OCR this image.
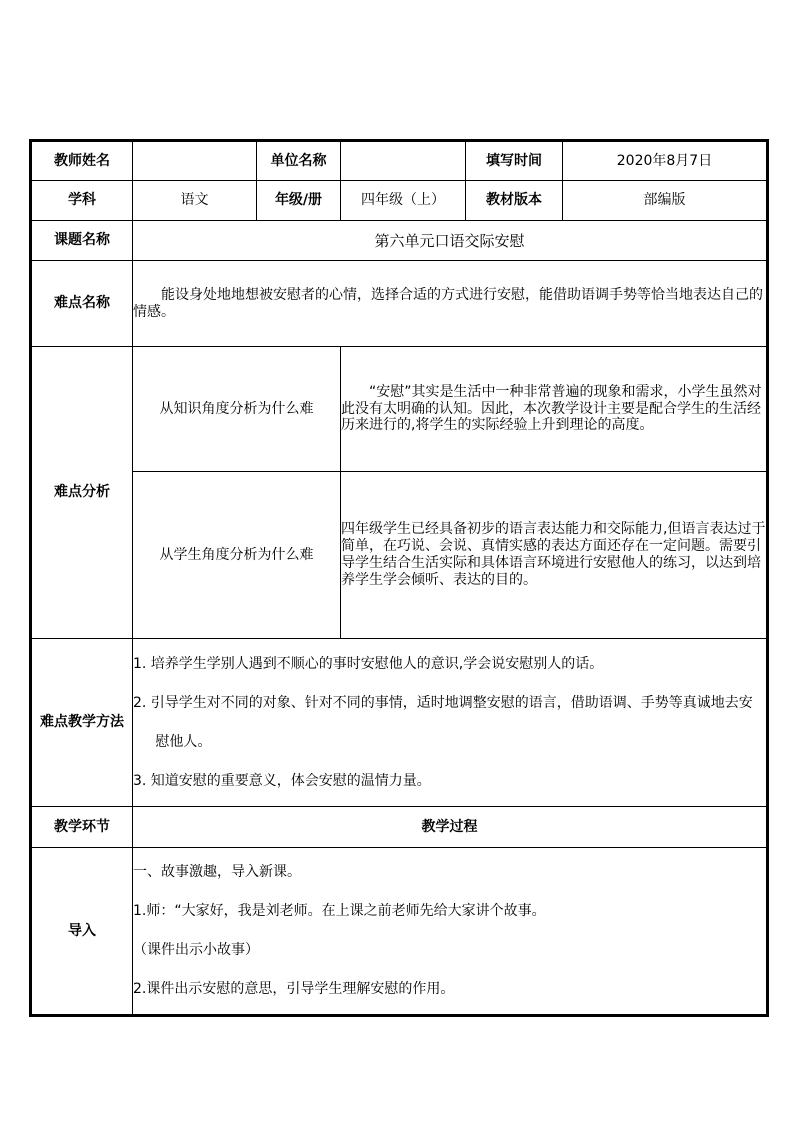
教师姓名		单位名称		填写时间	2020年8月7日
学科	语文	年级/册	四年级（上）	教材版本	部编版
课题名称	第六单元口语交际安慰				
难点名称	能设身处地地想被安慰者的心情，选择合适的方式进行安慰，能借助语调手势等恰当地表达自己的情感。				

难点分析	从知识角度分析为什么难		“安慰”其实是生活中一种非常普遍的现象和需求，小学生虽然对此没有太明确的认知。因此，本次教学设计主要是配合学生的生活经历来进行的,将学生的实际经验上升到理论的高度。		

	从学生角度分析为什么难		四年级学生已经具备初步的语言表达能力和交际能力,但语言表达过于简单，在巧说、会说、真情实感的表达方面还存在一定问题。需要引导学生结合生活实际和具体语言环境进行安慰他人的练习，以达到培养学生学会倾听、表达的目的。		

难点教学方法	1. 培养学生学别人遇到不顺心的事时安慰他人的意识,学会说安慰别人的话。

2. 引导学生对不同的对象、针对不同的事情，适时地调整安慰的语言，借助语调、手势等真诚地去安慰他人。

3. 知道安慰的重要意义，体会安慰的温情力量。				

教学环节	教学过程				
导入	一、故事激趣，导入新课。

1.师：“大家好，我是刘老师。在上课之前老师先给大家讲个故事。

（课件出示小故事）

2.课件出示安慰的意思，引导学生理解安慰的作用。				
